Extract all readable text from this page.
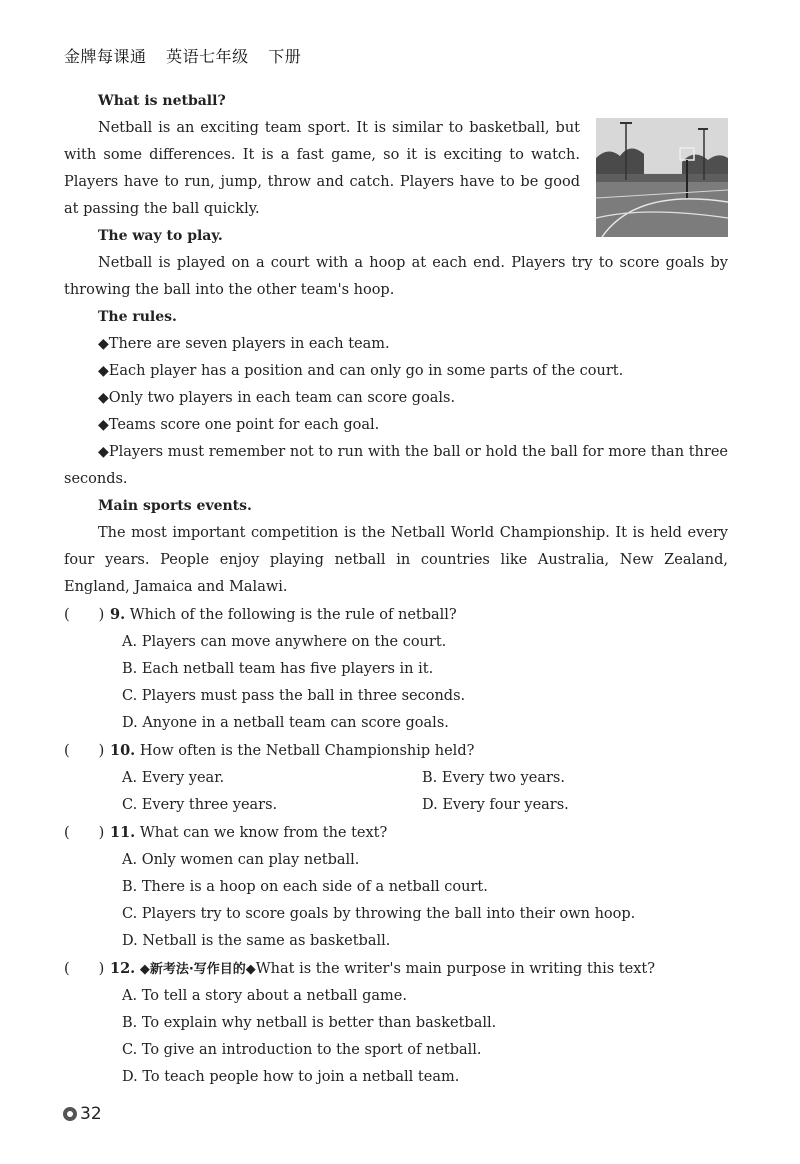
金牌每课通 英语七年级 下册
What is netball?
Netball is an exciting team sport. It is similar to basketball, but with some differences. It is a fast game, so it is exciting to watch. Players have to run, jump, throw and catch. Players have to be good at passing the ball quickly.
The way to play.
Netball is played on a court with a hoop at each end. Players try to score goals by throwing the ball into the other team's hoop.
The rules.
◆There are seven players in each team.
◆Each player has a position and can only go in some parts of the court.
◆Only two players in each team can score goals.
◆Teams score one point for each goal.
◆Players must remember not to run with the ball or hold the ball for more than three seconds.
Main sports events.
The most important competition is the Netball World Championship. It is held every four years. People enjoy playing netball in countries like Australia, New Zealand, England, Jamaica and Malawi.
(　　) 9. Which of the following is the rule of netball?
A. Players can move anywhere on the court.
B. Each netball team has five players in it.
C. Players must pass the ball in three seconds.
D. Anyone in a netball team can score goals.
(　　) 10. How often is the Netball Championship held?
A. Every year.	B. Every two years.
C. Every three years.	D. Every four years.
(　　) 11. What can we know from the text?
A. Only women can play netball.
B. There is a hoop on each side of a netball court.
C. Players try to score goals by throwing the ball into their own hoop.
D. Netball is the same as basketball.
(　　) 12. ◆新考法·写作目的◆What is the writer's main purpose in writing this text?
A. To tell a story about a netball game.
B. To explain why netball is better than basketball.
C. To give an introduction to the sport of netball.
D. To teach people how to join a netball team.
32
